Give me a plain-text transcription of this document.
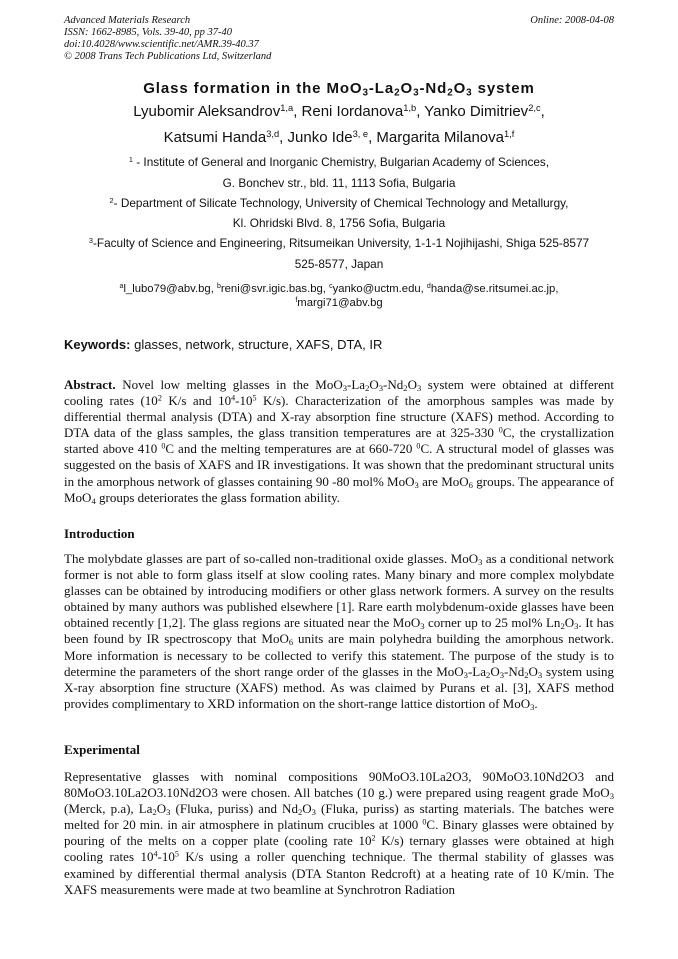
Advanced Materials Research
ISSN: 1662-8985, Vols. 39-40, pp 37-40
doi:10.4028/www.scientific.net/AMR.39-40.37
© 2008 Trans Tech Publications Ltd, Switzerland
Online: 2008-04-08
Glass formation in the $MoO_3-La_2O_3-Nd_2O_3$ system
Lyubomir Aleksandrov$^{1,a}$, Reni Iordanova$^{1,b}$, Yanko Dimitriev$^{2,c}$,
Katsumi Handa$^{3,d}$, Junko Ide$^{3, e}$, Margarita Milanova$^{1,f}$
$^1$ - Institute of General and Inorganic Chemistry, Bulgarian Academy of Sciences,
G. Bonchev str., bld. 11, 1113 Sofia, Bulgaria
$^2$- Department of Silicate Technology, University of Chemical Technology and Metallurgy,
Kl. Ohridski Blvd. 8, 1756 Sofia, Bulgaria
$^3$-Faculty of Science and Engineering, Ritsumeikan University, 1-1-1 Nojihijashi, Shiga 525-8577
525-8577, Japan
$^a$l_lubo79@abv.bg, $^b$reni@svr.igic.bas.bg, $^c$yanko@uctm.edu, $^d$handa@se.ritsumei.ac.jp,
$^f$margi71@abv.bg
Keywords: glasses, network, structure, XAFS, DTA, IR

Abstract. Novel low melting glasses in the $MoO_3-La_2O_3-Nd_2O_3$ system were obtained at different cooling rates ($10^2$ K/s and $10^4-10^5$ K/s). Characterization of the amorphous samples was made by differential thermal analysis (DTA) and X-ray absorption fine structure (XAFS) method. According to DTA data of the glass samples, the glass transition temperatures are at 325-330 $^0$C, the crystallization started above 410 $^0$C and the melting temperatures are at 660-720 $^0$C. A structural model of glasses was suggested on the basis of XAFS and IR investigations. It was shown that the predominant structural units in the amorphous network of glasses containing 90 -80 mol% MoO$_3$ are MoO$_6$ groups. The appearance of MoO$_4$ groups deteriorates the glass formation ability.

Introduction

The molybdate glasses are part of so-called non-traditional oxide glasses. MoO$_3$ as a conditional network former is not able to form glass itself at slow cooling rates. Many binary and more complex molybdate glasses can be obtained by introducing modifiers or other glass network formers. A survey on the results obtained by many authors was published elsewhere [1]. Rare earth molybdenum-oxide glasses have been obtained recently [1,2]. The glass regions are situated near the MoO$_3$ corner up to 25 mol% $Ln_2O_3$. It has been found by IR spectroscopy that MoO$_6$ units are main polyhedra building the amorphous network. More information is necessary to be collected to verify this statement. The purpose of the study is to determine the parameters of the short range order of the glasses in the $MoO_3-La_2O_3-Nd_2O_3$ system using X-ray absorption fine structure (XAFS) method. As was claimed by Purans et al. [3], XAFS method provides complimentary to XRD information on the short-range lattice distortion of MoO$_3$.

Experimental

Representative glasses with nominal compositions 90MoO3.10La2O3, 90MoO3.10Nd2O3 and 80MoO3.10La2O3.10Nd2O3 were chosen. All batches (10 g.) were prepared using reagent grade MoO$_3$ (Merck, p.a), $La_2O_3$ (Fluka, puriss) and $Nd_2O_3$ (Fluka, puriss) as starting materials. The batches were melted for 20 min. in air atmosphere in platinum crucibles at 1000 $^0$C. Binary glasses were obtained by pouring of the melts on a copper plate (cooling rate $10^2$ K/s) ternary glasses were obtained at high cooling rates $10^4-10^5$ K/s using a roller quenching technique. The thermal stability of glasses was examined by differential thermal analysis (DTA Stanton Redcroft) at a heating rate of 10 K/min. The XAFS measurements were made at two beamline at Synchrotron Radiation
